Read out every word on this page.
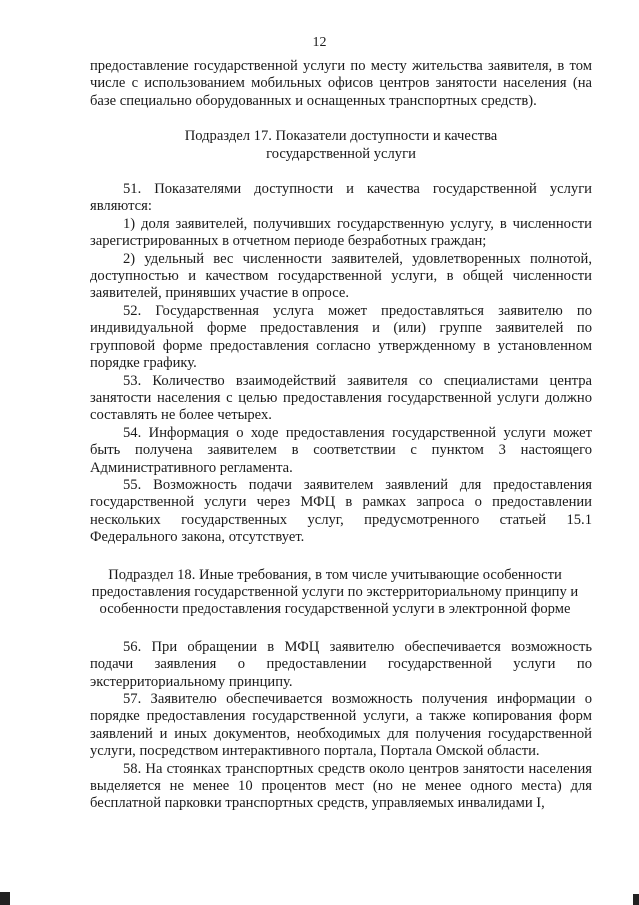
12

предоставление государственной услуги по месту жительства заявителя, в том числе с использованием мобильных офисов центров занятости населения (на базе специально оборудованных и оснащенных транспортных средств).

Подраздел 17. Показатели доступности и качества государственной услуги

51. Показателями доступности и качества государственной услуги являются:

1) доля заявителей, получивших государственную услугу, в численности зарегистрированных в отчетном периоде безработных граждан;

2) удельный вес численности заявителей, удовлетворенных полнотой, доступностью и качеством государственной услуги, в общей численности заявителей, принявших участие в опросе.

52. Государственная услуга может предоставляться заявителю по индивидуальной форме предоставления и (или) группе заявителей по групповой форме предоставления согласно утвержденному в установленном порядке графику.

53. Количество взаимодействий заявителя со специалистами центра занятости населения с целью предоставления государственной услуги должно составлять не более четырех.

54. Информация о ходе предоставления государственной услуги может быть получена заявителем в соответствии с пунктом 3 настоящего Административного регламента.

55. Возможность подачи заявителем заявлений для предоставления государственной услуги через МФЦ в рамках запроса о предоставлении нескольких государственных услуг, предусмотренного статьей 15.1 Федерального закона, отсутствует.

Подраздел 18. Иные требования, в том числе учитывающие особенности предоставления государственной услуги по экстерриториальному принципу и особенности предоставления государственной услуги в электронной форме

56. При обращении в МФЦ заявителю обеспечивается возможность подачи заявления о предоставлении государственной услуги по экстерриториальному принципу.

57. Заявителю обеспечивается возможность получения информации о порядке предоставления государственной услуги, а также копирования форм заявлений и иных документов, необходимых для получения государственной услуги, посредством интерактивного портала, Портала Омской области.

58. На стоянках транспортных средств около центров занятости населения выделяется не менее 10 процентов мест (но не менее одного места) для бесплатной парковки транспортных средств, управляемых инвалидами I,
